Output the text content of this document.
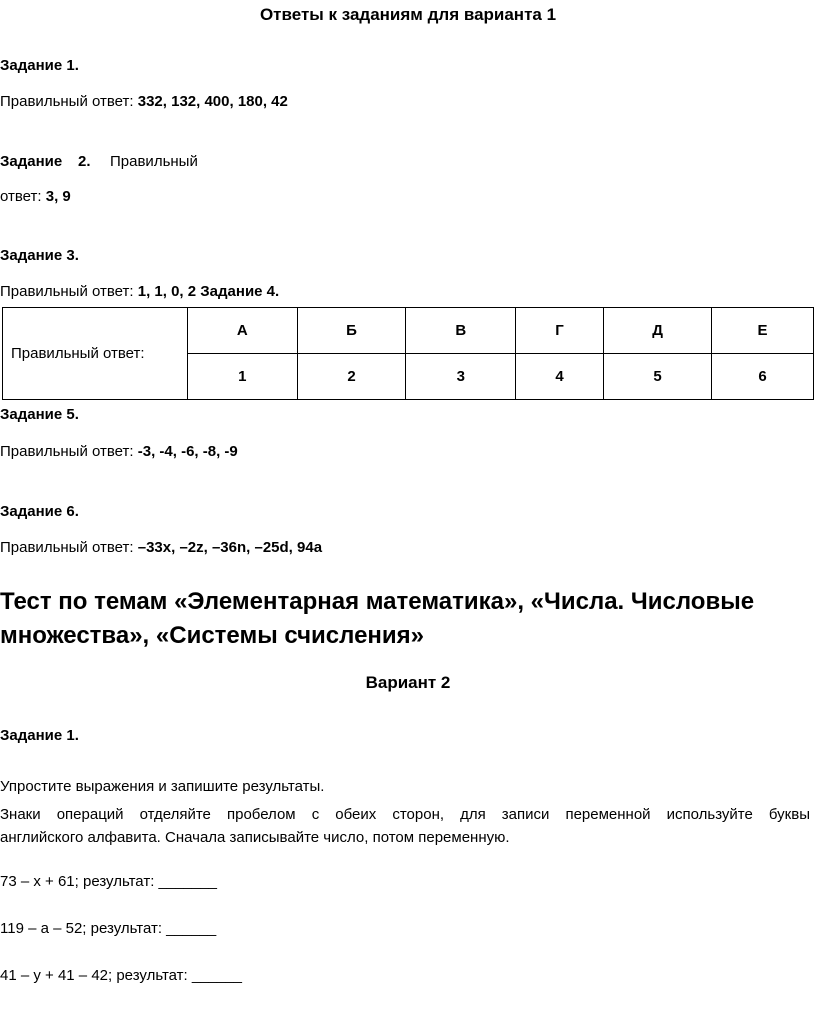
Ответы к заданиям для варианта 1
Задание 1.
Правильный ответ: 332, 132, 400, 180, 42
Задание 2. Правильный
ответ: 3, 9
Задание 3.
Правильный ответ: 1, 1, 0, 2 Задание 4.
Правильный ответ:	А	Б	В	Г	Д	Е
	1	2	3	4	5	6
Задание 5.
Правильный ответ: -3, -4, -6, -8, -9
Задание 6.
Правильный ответ: –33x, –2z, –36n, –25d, 94a
Тест по темам «Элементарная математика», «Числа. Числовые
множества», «Системы счисления»
Вариант 2
Задание 1.
Упростите выражения и запишите результаты.
Знаки операций отделяйте пробелом с обеих сторон, для записи переменной используйте буквы
английского алфавита. Сначала записывайте число, потом переменную.
73 – x + 61; результат: _______
119 – a – 52; результат: ______
41 – y + 41 – 42; результат: ______
